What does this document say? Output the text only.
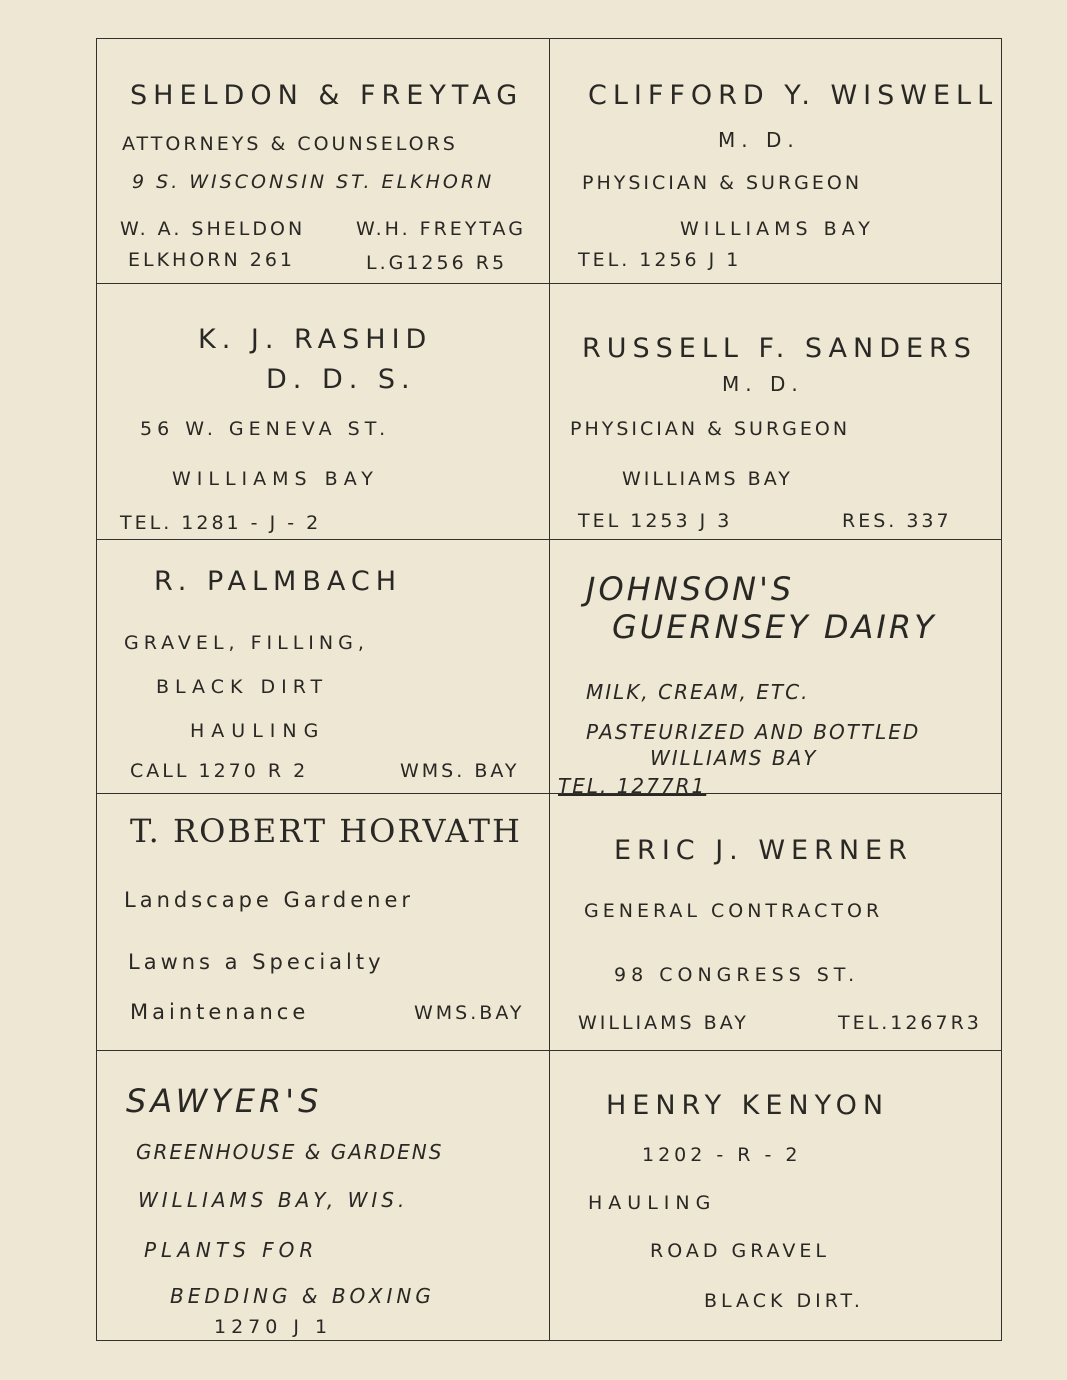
SHELDON & FREYTAG
ATTORNEYS & COUNSELORS
9 S. WISCONSIN ST. ELKHORN
W. A. SHELDON	W.H. FREYTAG
ELKHORN 261	L.G1256 R5
CLIFFORD Y. WISWELL
M. D.
PHYSICIAN & SURGEON
WILLIAMS BAY
TEL. 1256 J 1
K. J. RASHID
D. D. S.
56 W. GENEVA ST.
WILLIAMS BAY
TEL. 1281 - J - 2
RUSSELL F. SANDERS
M. D.
PHYSICIAN & SURGEON
WILLIAMS BAY
TEL 1253 J 3	RES. 337
R. PALMBACH
GRAVEL, FILLING,
BLACK DIRT
HAULING
CALL 1270 R 2	WMS. BAY
JOHNSON'S
GUERNSEY DAIRY
MILK, CREAM, ETC.
PASTEURIZED AND BOTTLED
WILLIAMS BAY
TEL. 1277R1
T. ROBERT HORVATH
Landscape Gardener
Lawns a Specialty
Maintenance	WMS.BAY
ERIC J. WERNER
GENERAL CONTRACTOR
98 CONGRESS ST.
WILLIAMS BAY	TEL.1267R3
SAWYER'S
GREENHOUSE & GARDENS
WILLIAMS BAY, WIS.
PLANTS FOR
BEDDING & BOXING
1270 J 1
HENRY KENYON
1202 - R - 2
HAULING
ROAD GRAVEL
BLACK DIRT.
